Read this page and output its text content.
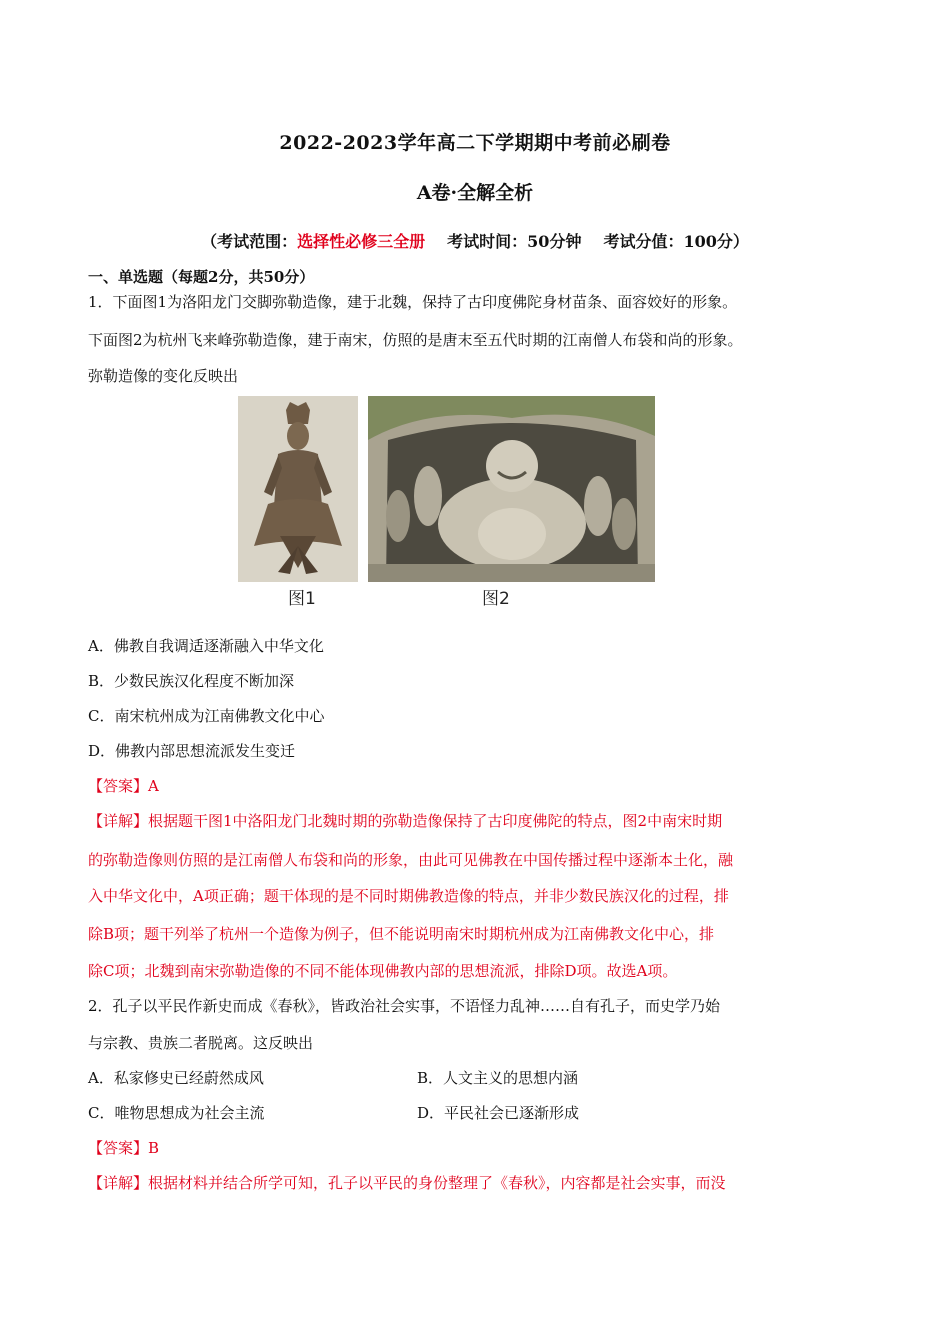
2022-2023学年高二下学期期中考前必刷卷
A卷·全解全析
（考试范围：选择性必修三全册 考试时间：50分钟 考试分值：100分）
一、单选题（每题2分，共50分）
1．下面图1为洛阳龙门交脚弥勒造像，建于北魏，保持了古印度佛陀身材苗条、面容姣好的形象。
下面图2为杭州飞来峰弥勒造像，建于南宋，仿照的是唐末至五代时期的江南僧人布袋和尚的形象。
弥勒造像的变化反映出
图1	图2
A．佛教自我调适逐渐融入中华文化
B．少数民族汉化程度不断加深
C．南宋杭州成为江南佛教文化中心
D．佛教内部思想流派发生变迁
【答案】A
【详解】根据题干图1中洛阳龙门北魏时期的弥勒造像保持了古印度佛陀的特点，图2中南宋时期
的弥勒造像则仿照的是江南僧人布袋和尚的形象，由此可见佛教在中国传播过程中逐渐本土化，融
入中华文化中，A项正确；题干体现的是不同时期佛教造像的特点，并非少数民族汉化的过程，排
除B项；题干列举了杭州一个造像为例子，但不能说明南宋时期杭州成为江南佛教文化中心，排
除C项；北魏到南宋弥勒造像的不同不能体现佛教内部的思想流派，排除D项。故选A项。
2．孔子以平民作新史而成《春秋》，皆政治社会实事，不语怪力乱神……自有孔子，而史学乃始
与宗教、贵族二者脱离。这反映出
A．私家修史已经蔚然成风	B．人文主义的思想内涵
C．唯物思想成为社会主流	D．平民社会已逐渐形成
【答案】B
【详解】根据材料并结合所学可知，孔子以平民的身份整理了《春秋》，内容都是社会实事，而没
